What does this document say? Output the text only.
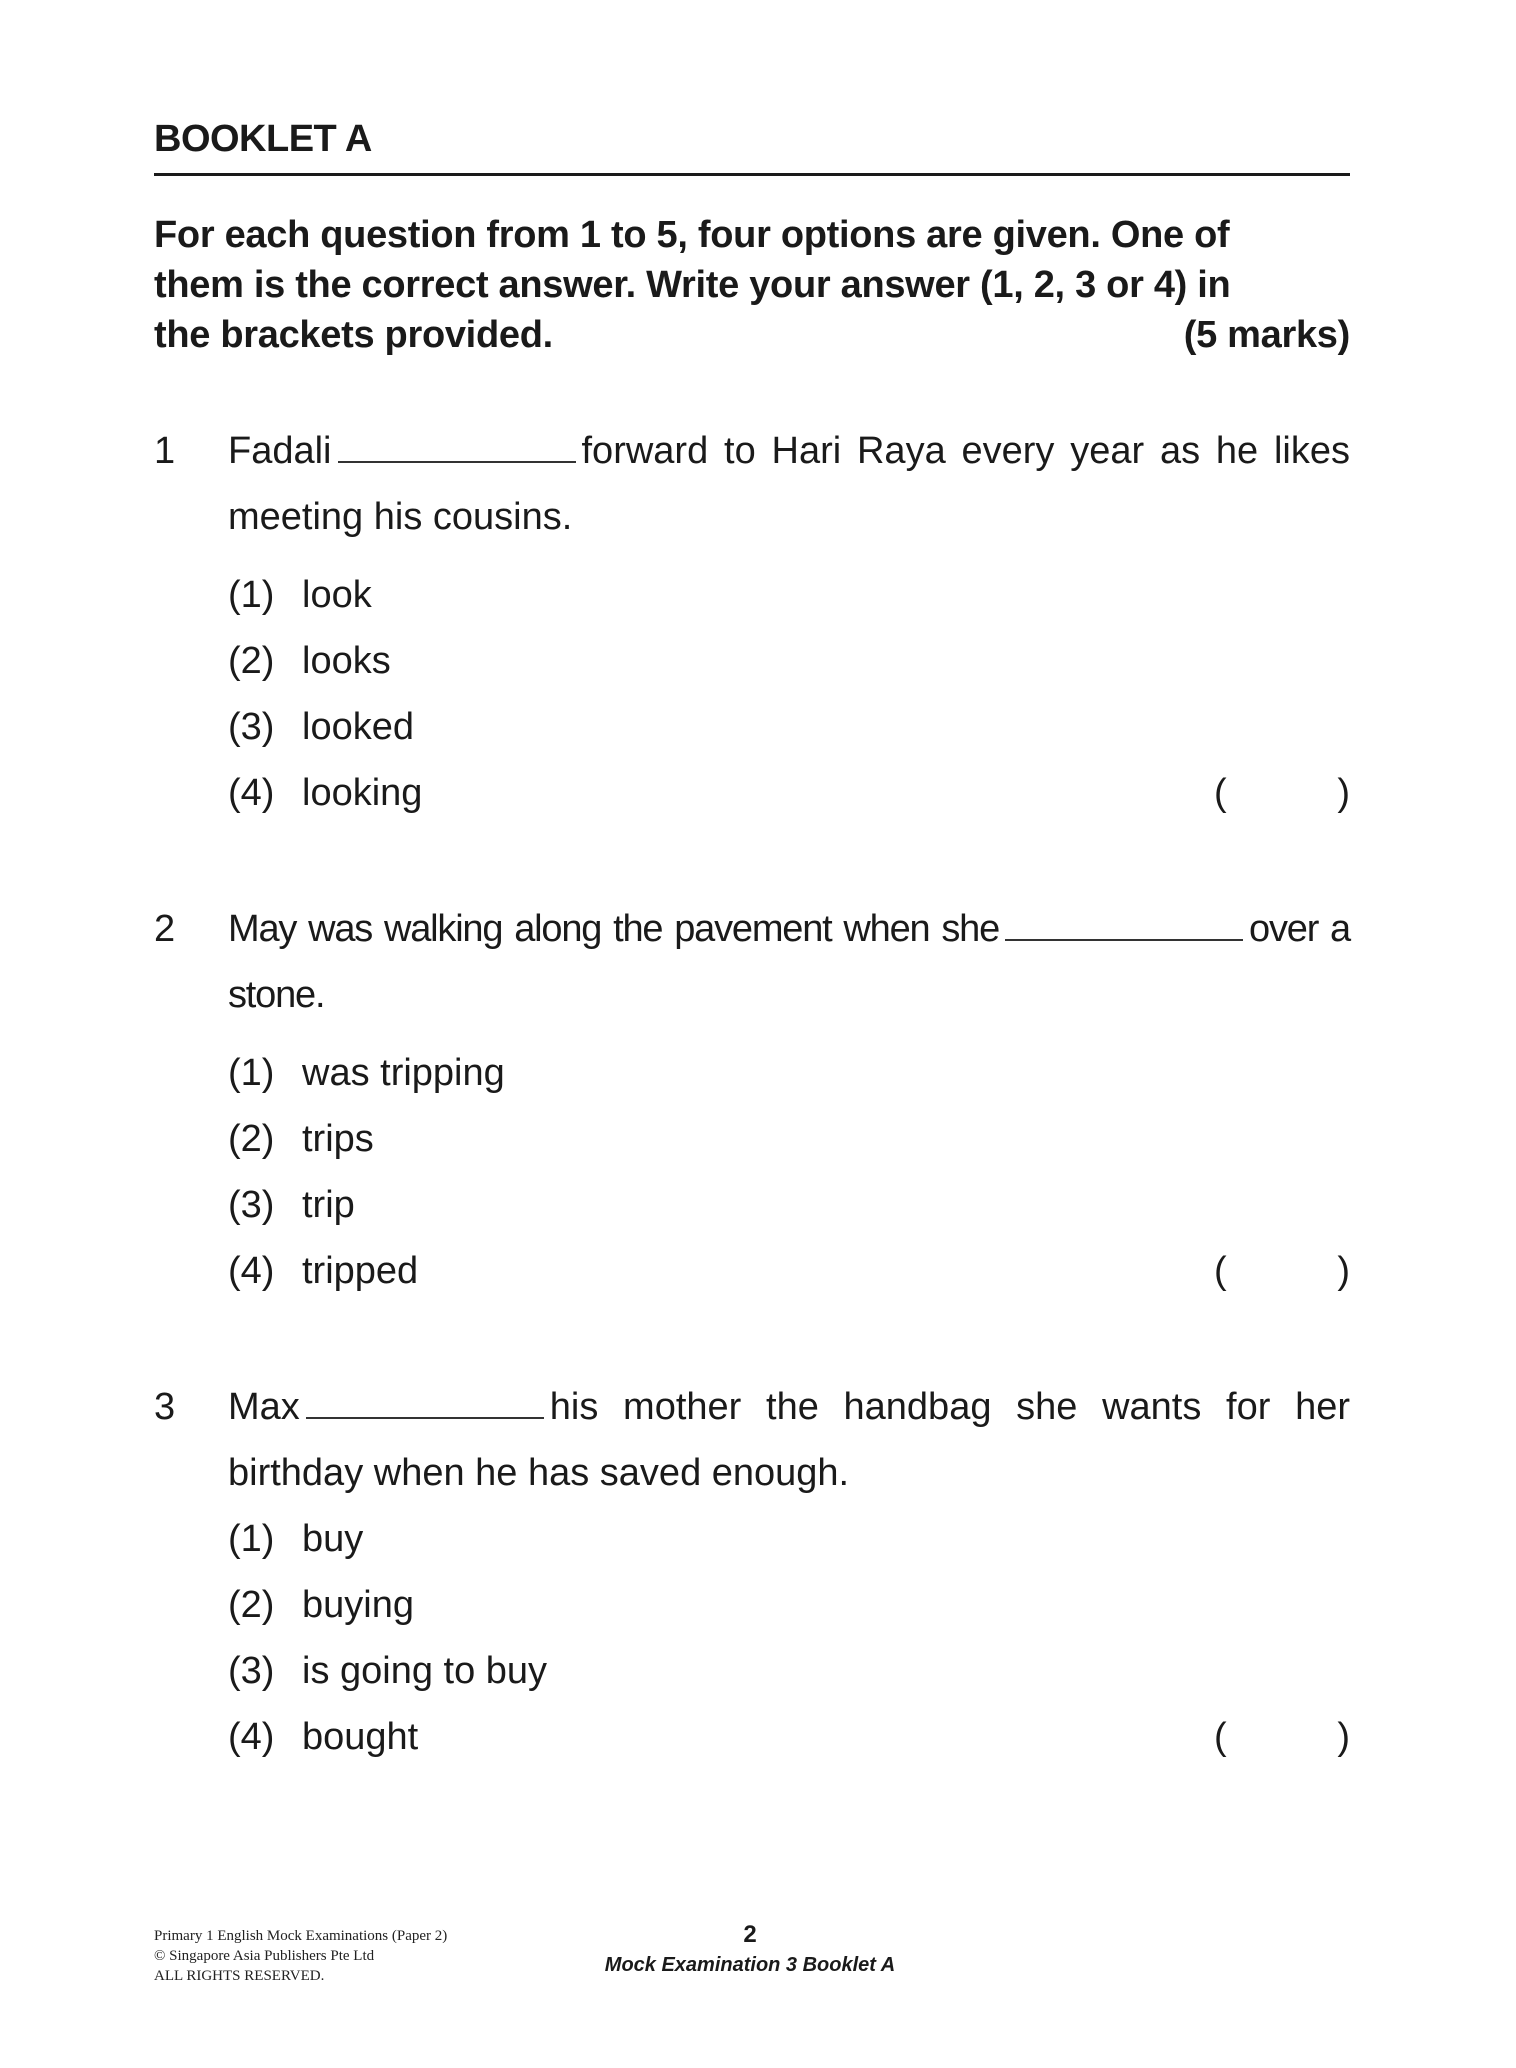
BOOKLET A
For each question from 1 to 5, four options are given. One of
them is the correct answer. Write your answer (1, 2, 3 or 4) in
the brackets provided.	(5 marks)
1	Fadali	forward to Hari Raya every year as he likes meeting his cousins.
(1) look
(2) looks
(3) looked
(4) looking	(	)
2	May was walking along the pavement when she	over a stone.
(1) was tripping
(2) trips
(3) trip
(4) tripped	(	)
3	Max	his mother the handbag she wants for her birthday when he has saved enough.
(1) buy
(2) buying
(3) is going to buy
(4) bought	(	)
Primary 1 English Mock Examinations (Paper 2)
© Singapore Asia Publishers Pte Ltd
ALL RIGHTS RESERVED.
2
Mock Examination 3 Booklet A
